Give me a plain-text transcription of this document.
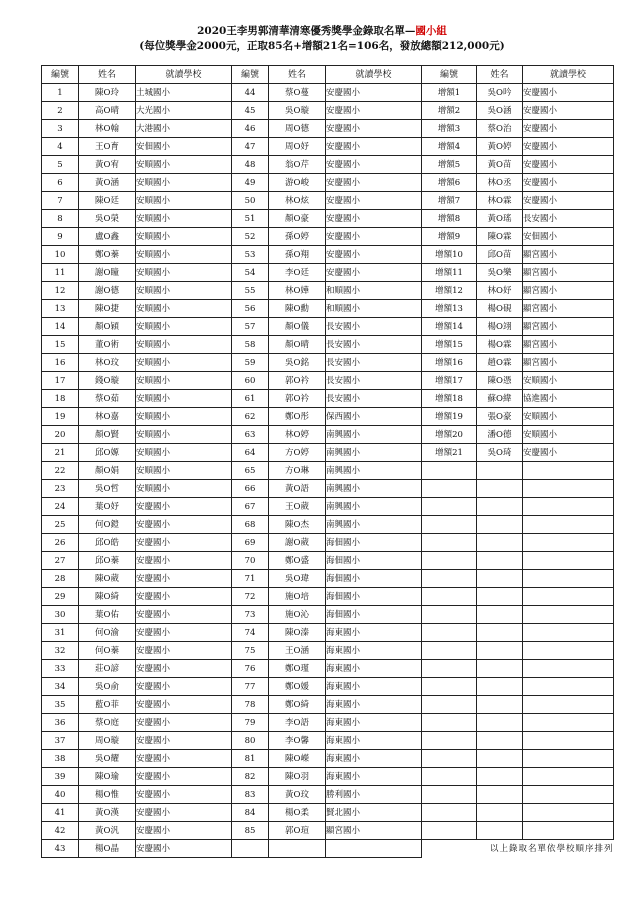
2020王李男郭清華清寒優秀獎學金錄取名單—國小組
(每位獎學金2000元，正取85名+增額21名=106名，發放總額212,000元)
編號	姓名	就讀學校	編號	姓名	就讀學校	編號	姓名	就讀學校
1	陳O玲	土城國小	44	蔡O蔓	安慶國小	增額1	吳O吟	安慶國小
2	高O晴	大光國小	45	吳O璇	安慶國小	增額2	吳O涵	安慶國小
3	林O翰	大港國小	46	周O德	安慶國小	增額3	蔡O治	安慶國小
4	王O育	安佃國小	47	周O妤	安慶國小	增額4	黃O婷	安慶國小
5	黃O宥	安順國小	48	翁O芹	安慶國小	增額5	黃O苗	安慶國小
6	黃O涵	安順國小	49	游O峻	安慶國小	增額6	林O丞	安慶國小
7	陳O廷	安順國小	50	林O炫	安慶國小	增額7	林O霖	安慶國小
8	吳O榮	安順國小	51	顏O豪	安慶國小	增額8	黃O瑤	長安國小
9	盧O鑫	安順國小	52	孫O婷	安慶國小	增額9	陳O霖	安佃國小
10	鄭O蓁	安順國小	53	孫O翔	安慶國小	增額10	邱O苗	顯宮國小
11	謝O瞳	安順國小	54	李O廷	安慶國小	增額11	吳O樂	顯宮國小
12	謝O德	安順國小	55	林O嬅	和順國小	增額12	林O妤	顯宮國小
13	陳O捷	安順國小	56	陳O勳	和順國小	增額13	楊O硯	顯宮國小
14	顏O穎	安順國小	57	顏O儀	長安國小	增額14	楊O翊	顯宮國小
15	董O術	安順國小	58	顏O晴	長安國小	增額15	楊O霖	顯宮國小
16	林O玟	安順國小	59	吳O銘	長安國小	增額16	趙O霖	顯宮國小
17	錢O璇	安順國小	60	郭O衿	長安國小	增額17	陳O憑	安順國小
18	蔡O茹	安順國小	61	郭O衿	長安國小	增額18	蘇O緯	協進國小
19	林O嘉	安順國小	62	鄭O彤	保西國小	增額19	張O豪	安順國小
20	顏O賢	安順國小	63	林O婷	南興國小	增額20	潘O德	安順國小
21	邱O嫄	安順國小	64	方O婷	南興國小	增額21	吳O琦	安慶國小
22	顏O娟	安順國小	65	方O琳	南興國小			
23	吳O哲	安順國小	66	黃O語	南興國小			
24	葉O妤	安慶國小	67	王O葳	南興國小			
25	何O鎧	安慶國小	68	陳O杰	南興國小			
26	邱O皓	安慶國小	69	謝O葳	海佃國小			
27	邱O蓁	安慶國小	70	鄭O盛	海佃國小			
28	陳O葳	安慶國小	71	吳O瑋	海佃國小			
29	陳O綺	安慶國小	72	施O培	海佃國小			
30	葉O佑	安慶國小	73	施O沁	海佃國小			
31	何O渝	安慶國小	74	陳O溱	海東國小			
32	何O蓁	安慶國小	75	王O涵	海東國小			
33	莊O諺	安慶國小	76	鄭O瑾	海東國小			
34	吳O俞	安慶國小	77	鄭O媛	海東國小			
35	藍O菲	安慶國小	78	鄭O綺	海東國小			
36	蔡O庭	安慶國小	79	李O語	海東國小			
37	周O璇	安慶國小	80	李O馨	海東國小			
38	吳O耀	安慶國小	81	陳O嶸	海東國小			
39	陳O瑜	安慶國小	82	陳O羽	海東國小			
40	楊O惟	安慶國小	83	黃O玟	勝利國小			
41	黃O漢	安慶國小	84	楊O柔	賢北國小			
42	黃O汎	安慶國小	85	郭O瑄	顯宮國小			
43	楊O晶	安慶國小				以上錄取名單依學校順序排列		
